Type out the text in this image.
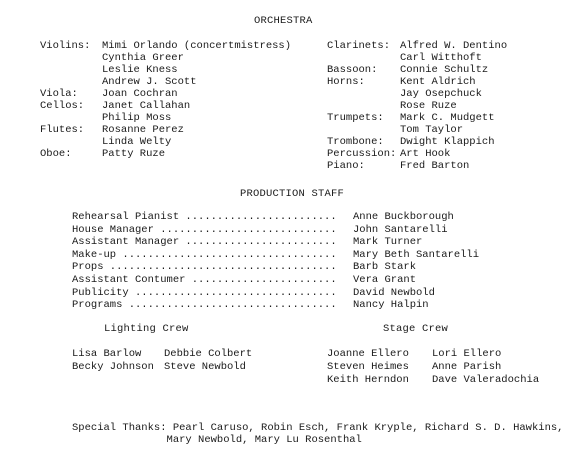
ORCHESTRA
Violins: Mimi Orlando (concertmistress)
Cynthia Greer
Leslie Kness
Andrew J. Scott
Viola: Joan Cochran
Cellos: Janet Callahan
Philip Moss
Flutes: Rosanne Perez
Linda Welty
Oboe:	Patty Ruze
Clarinets: Alfred W. Dentino
Carl Witthoft
Bassoon: Connie Schultz
Horns:	Kent Aldrich
Jay Osepchuck
Rose Ruze
Trumpets: Mark C. Mudgett
Tom Taylor
Trombone: Dwight Klappich
Percussion: Art Hook
Piano:	Fred Barton
PRODUCTION STAFF
Rehearsal Pianist ........................ Anne Buckborough
House Manager ............................ John Santarelli
Assistant Manager ........................ Mark Turner
Make-up .................................. Mary Beth Santarelli
Props .................................... Barb Stark
Assistant Contumer ....................... Vera Grant
Publicity ................................ David Newbold
Programs ................................. Nancy Halpin
Lighting Crew
Lisa Barlow Debbie Colbert
Becky Johnson Steve Newbold
Stage Crew
Joanne Ellero Lori Ellero
Steven Heimes Anne Parish
Keith Herndon Dave Valeradochia
Special Thanks: Pearl Caruso, Robin Esch, Frank Kryple, Richard S. D. Hawkins,
Mary Newbold, Mary Lu Rosenthal
